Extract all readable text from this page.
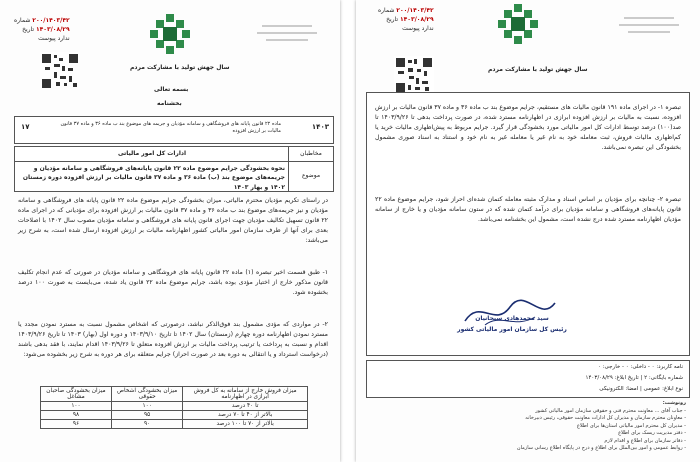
۲۰۰/۱۴۰۳/۴۲ شماره
۱۴۰۳/۰۸/۲۹ تاریخ
ندارد پیوست
سال جهش تولید با مشارکت مردم
بسمه تعالی
بخشنامه
۱۴۰۳
۱۷	ماده ۲۲ قانون پایانه های فروشگاهی و سامانه مؤدیان و جریمه های موضوع بند ب ماده ۳۶ و ماده ۳۷ قانون مالیات بر ارزش افزوده
مخاطبان
ادارات کل امور مالیاتی
موضوع
نحوه بخشودگی جرایم موضوع ماده ۲۲ قانون پایانه‌های فروشگاهی و سامانه مؤدیان و جریمه‌های موضوع بند (ب) ماده ۳۶ و ماده ۳۷ قانون مالیات بر ارزش افزوده دوره زمستان ۱۴۰۲ و بهار ۱۴۰۳
در راستای تکریم مؤدیان محترم مالیاتی، میزان بخشودگی جرایم موضوع ماده ۲۲ قانون پایانه های فروشگاهی و سامانه مؤدیان و نیز جریمه‌های موضوع بند ب ماده ۳۶ و ماده ۳۷ قانون مالیات بر ارزش افزوده برای مؤدیانی که در اجرای ماده ۲۲ قانون تسهیل تکالیف مؤدیان جهت اجرای قانون پایانه های فروشگاهی و سامانه مؤدیان مصوب سال ۱۴۰۲ با اصلاحات بعدی برای آنها از طرف سازمان امور مالیاتی کشور اظهارنامه مالیات بر ارزش افزوده ارسال شده است، به شرح زیر می‌باشد:
۱- طبق قسمت اخیر تبصره (۱) ماده ۲۲ قانون پایانه های فروشگاهی و سامانه مؤدیان در صورتی که عدم انجام تکلیف قانون مذکور خارج از اختیار مؤدی بوده باشد، جرایم موضوع ماده ۲۲ قانون یاد شده، می‌بایست به صورت ۱۰۰ درصد بخشوده شود.
۲- در مواردی که مؤدی مشمول بند فوق‌الذکر نباشد، درصورتی که اشخاص مشمول نسبت به مسترد نمودن مجدد یا مسترد نمودن اظهارنامه دوره چهارم (زمستان) سال ۱۴۰۲ تا تاریخ ۱۴۰۳/۹/۱۰ و دوره اول (بهار) ۱۴۰۳ تا تاریخ ۱۴۰۳/۹/۲۶ اقدام و نسبت به پرداخت یا ترتیب پرداخت مالیات بر ارزش افزوده متعلق تا ۱۴۰۳/۹/۲۶ اقدام نمایند، با فقد بدهی باشند (درخواست استرداد و یا انتقالی به دوره بعد در صورت احراز) جرایم متعلقه برای هر دوره به شرح زیر بخشوده می‌شود:
میزان فروش خارج از سامانه به کل فروش ابرازی در اظهارنامه	میزان بخشودگی اشخاص حقوقی	میزان بخشودگی صاحبان مشاغل
تا ۴۰ درصد	۱۰۰	۱۰۰
بالاتر از ۴۰ تا ۷۰ درصد	۹۵	۹۸
بالاتر از ۷۰ تا ۱۰۰ درصد	۹۰	۹۶
۲۰۰/۱۴۰۳/۴۲ شماره
۱۴۰۳/۰۸/۲۹ تاریخ
ندارد پیوست
سال جهش تولید با مشارکت مردم
تبصره ۱- در اجرای ماده ۱۹۱ قانون مالیات های مستقیم، جرایم موضوع بند ب ماده ۳۶ و ماده ۳۷ قانون مالیات بر ارزش افزوده، نسبت به مالیات بر ارزش افزوده ابرازی در اظهارنامه مسترد شده، در صورت پرداخت بدهی تا ۱۴۰۳/۹/۲۶ تا صد(۱۰۰) درصد توسط ادارات کل امور مالیاتی مورد بخشودگی قرار گیرد. جرایم مربوط به پیش‌اظهاری مالیات خرید یا کم‌اظهاری مالیات فروش، ثبت معامله خود به نام غیر یا معامله غیر به نام خود و استناد به اسناد صوری مشمول بخشودگی این تبصره نمی‌باشد.
تبصره ۲- چنانچه برای مؤدیان بر اساس اسناد و مدارک مثبته معامله کتمان شده‌ای احراز شود، جرایم موضوع ماده ۲۲ قانون پایانه‌های فروشگاهی و سامانه مؤدیان برای درآمد کتمان شده که در ستون سامانه مؤدیان و یا خارج از سامانه مؤدیان اظهارنامه مسترد شده درج نشده است، مشمول این بخشنامه نمی‌باشد.
سید محمدهادی سبحانیان
رئیس کل سازمان امور مالیاتی کشور
نامه کاربرد: ۰ - داخلی: ۰ - خارجی: ۰
شماره بایگانی: ۲ | تاریخ ابلاغ: ۱۴۰۳/۰۸/۲۹
نوع ابلاغ: عمومی | امضا: الکترونیکی
رونوشت:
- جناب آقای ... معاونت محترم فنی و حقوقی سازمان امور مالیاتی کشور
- معاونان محترم سازمان و مدیران کل ادارات معاونت حقوقی، رئیس دبیرخانه
- مدیران کل محترم امور مالیاتی استان‌ها برای اطلاع
- دفتر مدیریت ریسک برای اطلاع
- دفاتر سازمان برای اطلاع و اقدام لازم
- روابط عمومی و امور بین‌الملل برای اطلاع و درج در پایگاه اطلاع رسانی سازمان
